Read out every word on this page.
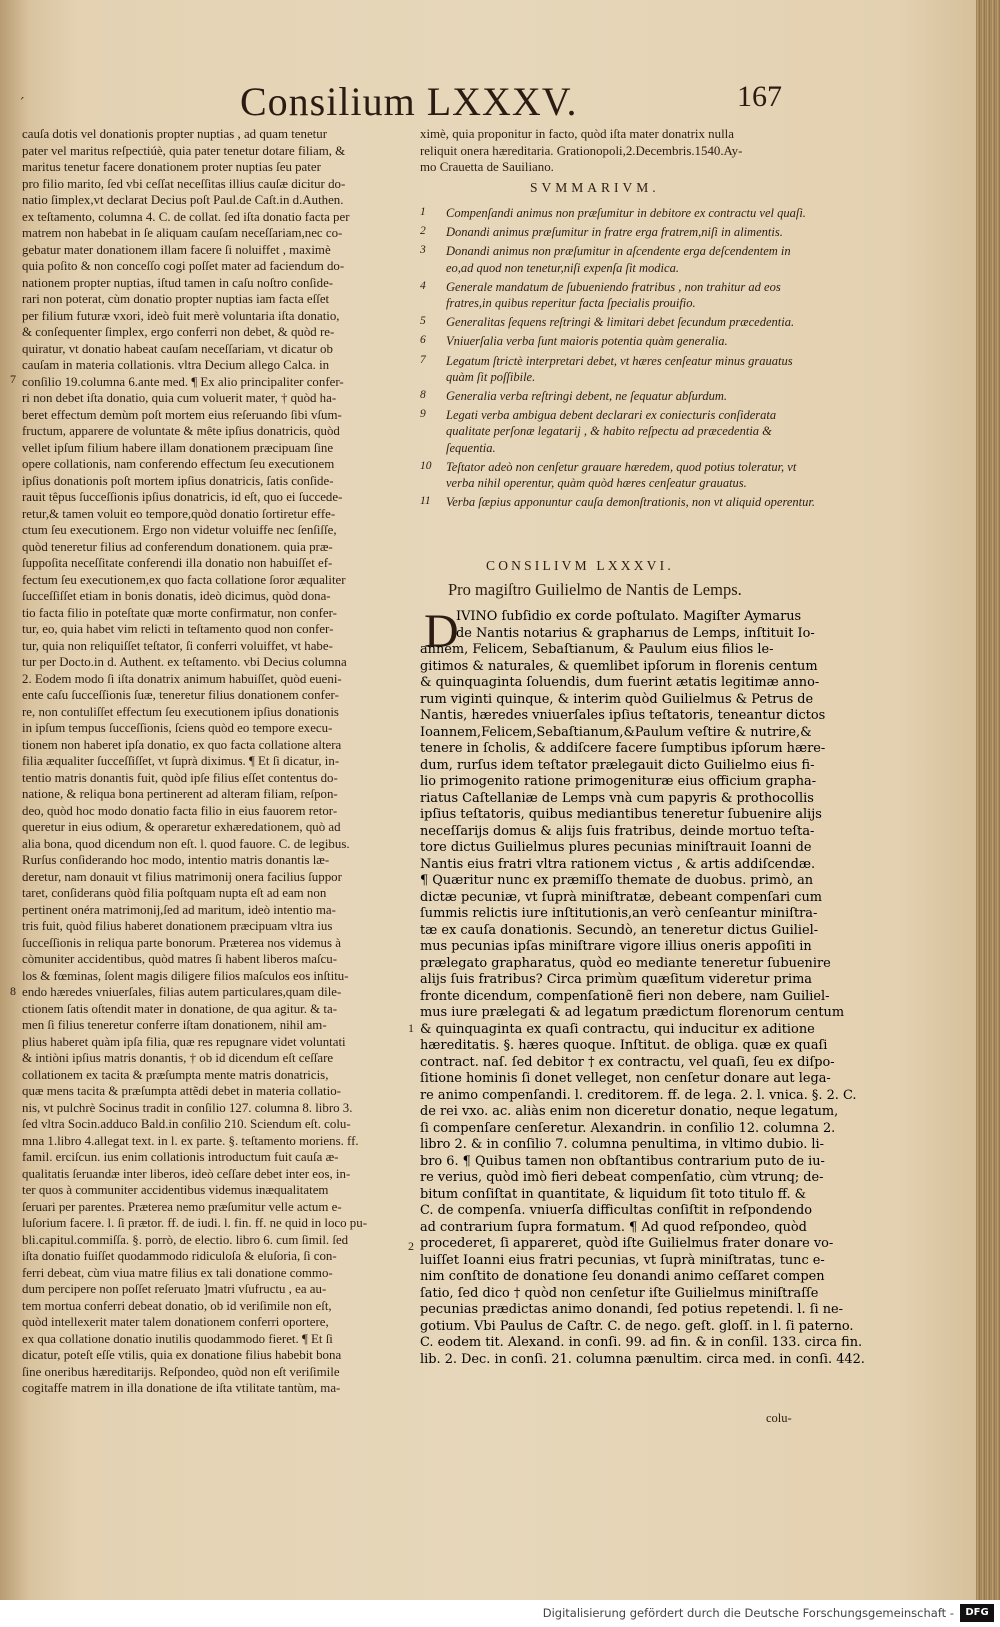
´	Consilium LXXXV.	167
cauſa dotis vel donationis propter nuptias , ad quam tenetur
pater vel maritus reſpectiúè, quia pater tenetur dotare filiam, &
maritus tenetur facere donationem proter nuptias ſeu pater
pro filio marito, ſed vbi ceſſat neceſſitas illius cauſæ dicitur do-
natio ſimplex,vt declarat Decius poſt Paul.de Caſt.in d.Authen.
ex teſtamento, columna 4. C. de collat. ſed iſta donatio facta per
matrem non habebat in ſe aliquam cauſam neceſſariam,nec co-
gebatur mater donationem illam facere ſi noluiffet , maximè
quia poſito & non conceſſo cogi poſſet mater ad faciendum do-
nationem propter nuptias, iſtud tamen in caſu noſtro conſide-
rari non poterat, cùm donatio propter nuptias iam facta eſſet
per filium futuræ vxori, ideò fuit merè voluntaria iſta donatio,
& conſequenter ſimplex, ergo conferri non debet, & quòd re-
quiratur, vt donatio habeat cauſam neceſſariam, vt dicatur ob
cauſam in materia collationis. vltra Decium allego Calca. in
conſilio 19.columna 6.ante med. ¶ Ex alio principaliter confer-
ri non debet iſta donatio, quia cum voluerit mater, † quòd ha-
beret effectum demùm poſt mortem eius reſeruando ſibi vſum-
fructum, apparere de voluntate & mête ipſius donatricis, quòd
vellet ipſum filium habere illam donationem præcipuam ſine
opere collationis, nam conferendo effectum ſeu executionem
ipſius donationis poſt mortem ipſius donatricis, ſatis conſide-
rauit têpus ſucceſſionis ipſius donatricis, id eſt, quo ei ſuccede-
retur,& tamen voluit eo tempore,quòd donatio ſortiretur effe-
ctum ſeu executionem. Ergo non videtur voluiffe nec ſenſiſſe,
quòd teneretur filius ad conferendum donationem. quia præ-
ſuppoſita neceſſitate conferendi illa donatio non habuiſſet ef-
fectum ſeu executionem,ex quo facta collatione ſoror æqualiter
ſucceſſiſſet etiam in bonis donatis, ideò dicimus, quòd dona-
tio facta filio in poteſtate quæ morte confirmatur, non confer-
tur, eo, quia habet vim relicti in teſtamento quod non confer-
tur, quia non reliquiſſet teſtator, ſi conferri voluiffet, vt habe-
tur per Docto.in d. Authent. ex teſtamento. vbi Decius columna
2. Eodem modo ſi iſta donatrix animum habuiſſet, quòd eueni-
ente caſu ſucceſſionis ſuæ, teneretur filius donationem confer-
re, non contuliſſet effectum ſeu executionem ipſius donationis
in ipſum tempus ſucceſſionis, ſciens quòd eo tempore execu-
tionem non haberet ipſa donatio, ex quo facta collatione altera
filia æqualiter ſucceſſiſſet, vt ſuprà diximus. ¶ Et ſi dicatur, in-
tentio matris donantis fuit, quòd ipſe filius eſſet contentus do-
natione, & reliqua bona pertinerent ad alteram filiam, reſpon-
deo, quòd hoc modo donatio facta filio in eius fauorem retor-
queretur in eius odium, & operaretur exhæredationem, quò ad
alia bona, quod dicendum non eſt. l. quod fauore. C. de legibus.
Rurſus conſiderando hoc modo, intentio matris donantis læ-
deretur, nam donauit vt filius matrimonij onera facilius ſuppor
taret, conſiderans quòd filia poſtquam nupta eſt ad eam non
pertinent onéra matrimonij,ſed ad maritum, ideò intentio ma-
tris fuit, quòd filius haberet donationem præcipuam vltra ius
ſucceſſionis in reliqua parte bonorum. Præterea nos videmus à
còmuniter accidentibus, quòd matres ſi habent liberos maſcu-
los & fœminas, ſolent magis diligere filios maſculos eos inſtitu-
endo hæredes vniuerſales, filias autem particulares,quam dile-
ctionem ſatis oſtendit mater in donatione, de qua agitur. & ta-
men ſi filius teneretur conferre iſtam donationem, nihil am-
plius haberet quàm ipſa filia, quæ res repugnare videt voluntati
& intiòni ipſius matris donantis, † ob id dicendum eſt ceſſare
collationem ex tacita & præſumpta mente matris donatricis,
quæ mens tacita & præſumpta attẽdi debet in materia collatio-
nis, vt pulchrè Socinus tradit in conſilio 127. columna 8. libro 3.
ſed vltra Socin.adduco Bald.in conſilio 210. Sciendum eſt. colu-
mna 1.libro 4.allegat text. in l. ex parte. §. teſtamento moriens. ff.
famil. erciſcun. ius enim collationis introductum fuit cauſa æ-
qualitatis ſeruandæ inter liberos, ideò ceſſare debet inter eos, in-
ter quos à communiter accidentibus videmus inæqualitatem
ſeruari per parentes. Præterea nemo præſumitur velle actum e-
luſorium facere. l. ſi prætor. ff. de iudi. l. fin. ff. ne quid in loco pu-
bli.capitul.commiſſa. §. porrò, de electio. libro 6. cum ſimil. ſed
iſta donatio fuiſſet quodammodo ridiculoſa & eluſoria, ſi con-
ferri debeat, cùm viua matre filius ex tali donatione commo-
dum percipere non poſſet reſeruato ]matri vſufructu , ea au-
tem mortua conferri debeat donatio, ob id veriſimile non eſt,
quòd intellexerit mater talem donationem conferri oportere,
ex qua collatione donatio inutilis quodammodo fieret. ¶ Et ſi
dicatur, poteſt eſſe vtilis, quia ex donatione filius habebit bona
ſine oneribus hæreditarijs. Reſpondeo, quòd non eſt veriſimile
cogitaffe matrem in illa donatione de iſta vtilitate tantùm, ma-
7
8
ximè, quia proponitur in facto, quòd iſta mater donatrix nulla
reliquit onera hæreditaria. Grationopoli,2.Decembris.1540.Ay-
mo Crauetta de Sauiliano.
SVMMARIVM.
1	Compenſandi animus non præſumitur in debitore ex contractu vel quaſi.
2	Donandi animus præſumitur in fratre erga fratrem,niſi in alimentis.
3	Donandi animus non præſumitur in aſcendente erga deſcendentem in eo,ad quod non tenetur,niſi expenſa ſit modica.
4	Generale mandatum de ſubueniendo fratribus , non trahitur ad eos fratres,in quibus reperitur facta ſpecialis prouifio.
5	Generalitas ſequens reſtringi & limitari debet ſecundum præcedentia.
6	Vniuerſalia verba ſunt maioris potentia quàm generalia.
7	Legatum ſtrictè interpretari debet, vt hæres cenſeatur minus grauatus quàm ſit poſſibile.
8	Generalia verba reſtringi debent, ne ſequatur abſurdum.
9	Legati verba ambigua debent declarari ex coniecturis conſiderata qualitate perſonæ legatarij , & habito reſpectu ad præcedentia & ſequentia.
10	Teſtator adeò non cenſetur grauare hæredem, quod potius toleratur, vt verba nihil operentur, quàm quòd hæres cenſeatur grauatus.
11	Verba ſæpius apponuntur cauſa demonſtrationis, non vt aliquid operentur.
CONSILIVM LXXXVI.
Pro magiſtro Guilielmo de Nantis de Lemps.
D
IVINO ſubſidio ex corde poſtulato. Magiſter Aymarus
de Nantis notarius & grapharıus de Lemps, inſtituit Io-
annem, Felicem, Sebaſtianum, & Paulum eius filios le-
gitimos & naturales, & quemlibet ipſorum in florenis centum
& quinquaginta ſoluendis, dum fuerint ætatis legitimæ anno-
rum viginti quinque, & interim quòd Guilielmus & Petrus de
Nantis, hæredes vniuerſales ipſius teſtatoris, teneantur dictos
Ioannem,Felicem,Sebaſtianum,&Paulum veſtire & nutrire,&
tenere in ſcholis, & addiſcere facere ſumptibus ipſorum hære-
dum, rurſus idem teſtator prælegauit dicto Guilielmo eius fi-
lio primogenito ratione primogenituræ eius officium grapha-
riatus Caſtellaniæ de Lemps vnà cum papyris & prothocollis
ipſius teſtatoris, quibus mediantibus teneretur ſubuenire alijs
neceſſarijs domus & alijs ſuis fratribus, deinde mortuo teſta-
tore dictus Guilielmus plures pecunias miniſtrauit Ioanni de
Nantis eius fratri vltra rationem victus , & artis addiſcendæ.
¶ Quæritur nunc ex præmiſſo themate de duobus. primò, an
dictæ pecuniæ, vt ſuprà miniſtratæ, debeant compenſari cum
ſummis relictis iure inſtitutionis,an verò cenſeantur miniſtra-
tæ ex cauſa donationis. Secundò, an teneretur dictus Guiliel-
mus pecunias ipſas miniſtrare vigore illius oneris appoſiti in
prælegato grapharatus, quòd eo mediante teneretur ſubuenire
alijs ſuis fratribus? Circa primùm quæſitum videretur prima
fronte dicendum, compenſationẽ fieri non debere, nam Guiliel-
mus iure prælegati & ad legatum prædictum florenorum centum
& quinquaginta ex quaſi contractu, qui inducitur ex aditione
hæreditatis. §. hæres quoque. Inſtitut. de obliga. quæ ex quaſi
contract. naſ. ſed debitor † ex contractu, vel quaſi, ſeu ex diſpo-
ſitione hominis ſi donet velleget, non cenſetur donare aut lega-
re animo compenſandi. l. creditorem. ff. de lega. 2. l. vnica. §. 2. C.
de rei vxo. ac. aliàs enim non diceretur donatio, neque legatum,
ſi compenſare cenſeretur. Alexandrin. in conſilio 12. columna 2.
libro 2. & in conſilio 7. columna penultima, in vltimo dubio. li-
bro 6. ¶ Quibus tamen non obſtantibus contrarium puto de iu-
re verius, quòd imò fieri debeat compenſatio, cùm vtrunq; de-
bitum conſiſtat in quantitate, & liquidum ſit toto titulo ff. &
C. de compenſa. vniuerſa difficultas conſiſtit in reſpondendo
ad contrarium ſupra formatum. ¶ Ad quod reſpondeo, quòd
procederet, ſi appareret, quòd iſte Guilielmus frater donare vo-
luiſſet Ioanni eius fratri pecunias, vt ſuprà miniſtratas, tunc e-
nim conſtito de donatione ſeu donandi animo ceſſaret compen
ſatio, ſed dico † quòd non cenſetur iſte Guilielmus miniſtraſſe
pecunias prædictas animo donandi, ſed potius repetendi. l. ſi ne-
gotium. Vbi Paulus de Caſtr. C. de nego. geſt. gloſſ. in l. ſi paterno.
C. eodem tit. Alexand. in conſi. 99. ad fin. & in conſil. 133. circa fin.
lib. 2. Dec. in conſi. 21. columna pænultim. circa med. in conſi. 442.
1
2
colu-
Digitalisierung gefördert durch die Deutsche Forschungsgemeinschaft -	DFG
